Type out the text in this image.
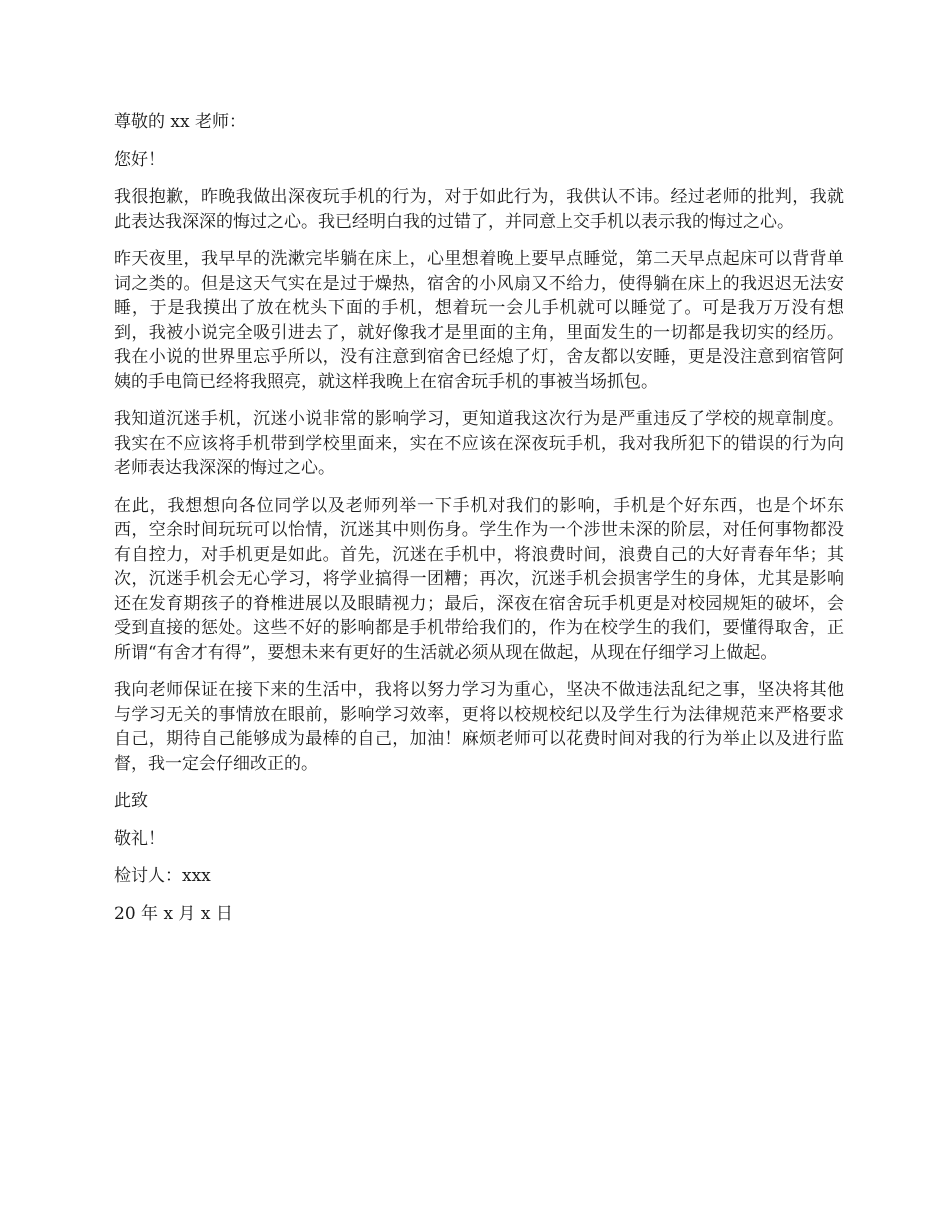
尊敬的 xx 老师：

您好！

我很抱歉，昨晚我做出深夜玩手机的行为，对于如此行为，我供认不讳。经过老师的批判，我就此表达我深深的悔过之心。我已经明白我的过错了，并同意上交手机以表示我的悔过之心。

昨天夜里，我早早的洗漱完毕躺在床上，心里想着晚上要早点睡觉，第二天早点起床可以背背单词之类的。但是这天气实在是过于燥热，宿舍的小风扇又不给力，使得躺在床上的我迟迟无法安睡，于是我摸出了放在枕头下面的手机，想着玩一会儿手机就可以睡觉了。可是我万万没有想到，我被小说完全吸引进去了，就好像我才是里面的主角，里面发生的一切都是我切实的经历。我在小说的世界里忘乎所以，没有注意到宿舍已经熄了灯，舍友都以安睡，更是没注意到宿管阿姨的手电筒已经将我照亮，就这样我晚上在宿舍玩手机的事被当场抓包。

我知道沉迷手机，沉迷小说非常的影响学习，更知道我这次行为是严重违反了学校的规章制度。我实在不应该将手机带到学校里面来，实在不应该在深夜玩手机，我对我所犯下的错误的行为向老师表达我深深的悔过之心。

在此，我想想向各位同学以及老师列举一下手机对我们的影响，手机是个好东西，也是个坏东西，空余时间玩玩可以怡情，沉迷其中则伤身。学生作为一个涉世未深的阶层，对任何事物都没有自控力，对手机更是如此。首先，沉迷在手机中，将浪费时间，浪费自己的大好青春年华；其次，沉迷手机会无心学习，将学业搞得一团糟；再次，沉迷手机会损害学生的身体，尤其是影响还在发育期孩子的脊椎进展以及眼睛视力；最后，深夜在宿舍玩手机更是对校园规矩的破坏，会受到直接的惩处。这些不好的影响都是手机带给我们的，作为在校学生的我们，要懂得取舍，正所谓“有舍才有得”，要想未来有更好的生活就必须从现在做起，从现在仔细学习上做起。

我向老师保证在接下来的生活中，我将以努力学习为重心，坚决不做违法乱纪之事，坚决将其他与学习无关的事情放在眼前，影响学习效率，更将以校规校纪以及学生行为法律规范来严格要求自己，期待自己能够成为最棒的自己，加油！麻烦老师可以花费时间对我的行为举止以及进行监督，我一定会仔细改正的。

此致

敬礼！

检讨人：xxx

20 年 x 月 x 日
